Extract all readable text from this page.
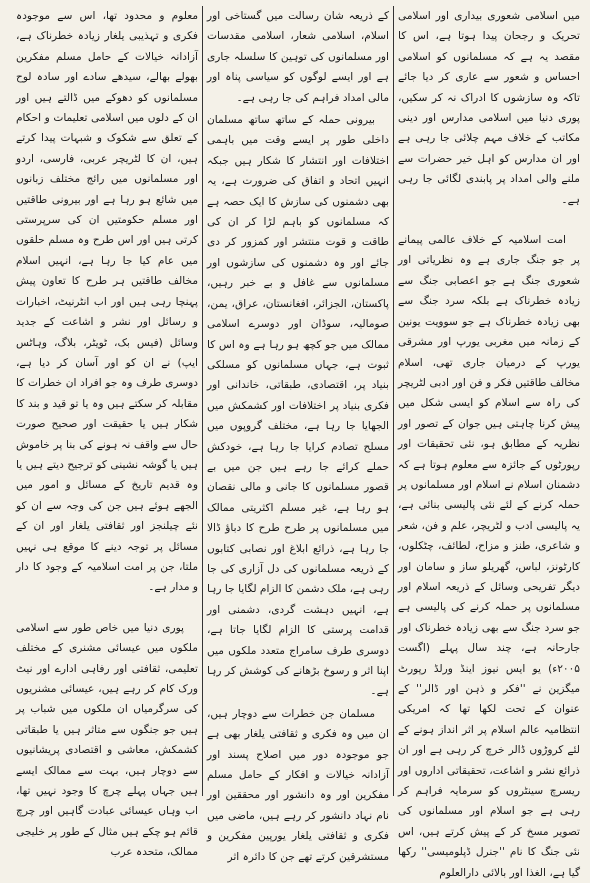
میں اسلامی شعوری بیداری اور اسلامی تحریک و رجحان پیدا ہوتا ہے، اس کا مقصد یہ ہے کہ مسلمانوں کو اسلامی احساس و شعور سے عاری کر دیا جائے تاکہ وہ سازشوں کا ادراک نہ کر سکیں، پوری دنیا میں اسلامی مدارس اور دینی مکاتب کے خلاف مہم چلائی جا رہی ہے اور ان مدارس کو اہل خیر حضرات سے ملنے والی امداد پر پابندی لگائی جا رہی ہے۔

امت اسلامیہ کے خلاف عالمی پیمانے پر جو جنگ جاری ہے وہ نظریاتی اور شعوری جنگ ہے جو اعصابی جنگ سے زیادہ خطرناک ہے بلکہ سرد جنگ سے بھی زیادہ خطرناک ہے جو سوویت یونین کے زمانہ میں مغربی یورپ اور مشرقی یورپ کے درمیان جاری تھی، اسلام مخالف طاقتیں فکر و فن اور ادبی لٹریچر کی راہ سے اسلام کو ایسی شکل میں پیش کرنا چاہتی ہیں جوان کے تصور اور نظریہ کے مطابق ہو، نئی تحقیقات اور رپورٹوں کے جائزہ سے معلوم ہوتا ہے کہ دشمنان اسلام نے اسلام اور مسلمانوں پر حملہ کرنے کے لئے نئی پالیسی بنائی ہے، یہ پالیسی ادب و لٹریچر، علم و فن، شعر و شاعری، طنز و مزاح، لطائف، چٹکلوں، کارٹونز، لباس، گھریلو ساز و سامان اور دیگر تفریحی وسائل کے ذریعہ اسلام اور مسلمانوں پر حملہ کرنے کی پالیسی ہے جو سرد جنگ سے بھی زیادہ خطرناک اور جارحانہ ہے، چند سال پہلے (اگست ۲۰۰۵ء) یو ایس نیوز اینڈ ورلڈ رپورٹ میگزین نے ''فکر و ذہن اور ڈالر'' کے عنوان کے تحت لکھا تھا کہ امریکی انتظامیہ عالم اسلام پر اثر انداز ہونے کے لئے کروڑوں ڈالر خرچ کر رہی ہے اور ان ذرائع نشر و اشاعت، تحقیقاتی اداروں اور ریسرچ سینٹروں کو سرمایہ فراہم کر رہی ہے جو اسلام اور مسلمانوں کی تصویر مسخ کر کے پیش کرتے ہیں، اس نئی جنگ کا نام ''جنرل ڈپلومیسی'' رکھا گیا ہے، الغذا اور بالائی دارالعلوم

کے ذریعہ شان رسالت میں گستاخی اور اسلام، اسلامی شعار، اسلامی مقدسات اور مسلمانوں کی توہین کا سلسلہ جاری ہے اور ایسے لوگوں کو سیاسی پناہ اور مالی امداد فراہم کی جا رہی ہے۔

بیرونی حملہ کے ساتھ ساتھ مسلمان داخلی طور پر ایسے وقت میں باہمی اختلافات اور انتشار کا شکار ہیں جبکہ انہیں اتحاد و اتفاق کی ضرورت ہے، یہ بھی دشمنوں کی سازش کا ایک حصہ ہے کہ مسلمانوں کو باہم لڑا کر ان کی طاقت و قوت منتشر اور کمزور کر دی جائے اور وہ دشمنوں کی سازشوں اور مسلمانوں سے غافل و بے خبر رہیں، پاکستان، الجزائر، افغانستان، عراق، یمن، صومالیہ، سوڈان اور دوسرے اسلامی ممالک میں جو کچھ ہو رہا ہے وہ اس کا ثبوت ہے، جہاں مسلمانوں کو مسلکی بنیاد پر، اقتصادی، طبقاتی، خاندانی اور فکری بنیاد پر اختلافات اور کشمکش میں الجھایا جا رہا ہے، مختلف گروپوں میں مسلح تصادم کرایا جا رہا ہے، خودکش حملے کرائے جا رہے ہیں جن میں بے قصور مسلمانوں کا جانی و مالی نقصان ہو رہا ہے، غیر مسلم اکثریتی ممالک میں مسلمانوں پر طرح طرح کا دباؤ ڈالا جا رہا ہے، ذرائع ابلاغ اور نصابی کتابوں کے ذریعہ مسلمانوں کی دل آزاری کی جا رہی ہے، ملک دشمن کا الزام لگایا جا رہا ہے، انہیں دہشت گردی، دشمنی اور قدامت پرستی کا الزام لگایا جاتا ہے، دوسری طرف سامراج متعدد ملکوں میں اپنا اثر و رسوخ بڑھانے کی کوشش کر رہا ہے۔

مسلمان جن خطرات سے دوچار ہیں، ان میں وہ فکری و ثقافتی یلغار بھی ہے جو موجودہ دور میں اصلاح پسند اور آزادانہ خیالات و افکار کے حامل مسلم مفکرین اور وہ دانشور اور محققین اور نام نہاد دانشور کر رہے ہیں، ماضی میں فکری و ثقافتی یلغار یورپین مفکرین و مستشرقین کرتے تھے جن کا دائرہ اثر

معلوم و محدود تھا، اس سے موجودہ فکری و تہذیبی یلغار زیادہ خطرناک ہے، آزادانہ خیالات کے حامل مسلم مفکرین بھولے بھالے، سیدھے سادے اور سادہ لوح مسلمانوں کو دھوکے میں ڈالتے ہیں اور ان کے دلوں میں اسلامی تعلیمات و احکام کے تعلق سے شکوک و شبہات پیدا کرتے ہیں، ان کا لٹریچر عربی، فارسی، اردو اور مسلمانوں میں رائج مختلف زبانوں میں شائع ہو رہا ہے اور بیرونی طاقتیں اور مسلم حکومتیں ان کی سرپرستی کرتی ہیں اور اس طرح وہ مسلم حلقوں میں عام کیا جا رہا ہے، انہیں اسلام مخالف طاقتیں ہر طرح کا تعاون پیش پہنچا رہی ہیں اور اب انٹرنیٹ، اخبارات و رسائل اور نشر و اشاعت کے جدید وسائل (فیس بک، ٹویٹر، بلاگ، وہاٹس ایپ) نے ان کو اور آسان کر دیا ہے، دوسری طرف وہ جو افراد ان خطرات کا مقابلہ کر سکتے ہیں وہ یا تو قید و بند کا شکار ہیں یا حقیقت اور صحیح صورت حال سے واقف نہ ہونے کی بنا پر خاموش ہیں یا گوشہ نشینی کو ترجیح دیتے ہیں یا وہ قدیم تاریخ کے مسائل و امور میں الجھے ہوئے ہیں جن کی وجہ سے ان کو نئے چیلنجز اور ثقافتی یلغار اور ان کے مسائل پر توجہ دینے کا موقع ہی نہیں ملتا، جن پر امت اسلامیہ کے وجود کا دار و مدار ہے۔

پوری دنیا میں خاص طور سے اسلامی ملکوں میں عیسائی مشنری کے مختلف تعلیمی، ثقافتی اور رفاہی ادارے اور نیٹ ورک کام کر رہے ہیں، عیسائی مشنریوں کی سرگرمیاں ان ملکوں میں شباب پر ہیں جو جنگوں سے متاثر ہیں یا طبقاتی کشمکش، معاشی و اقتصادی پریشانیوں سے دوچار ہیں، بہت سے ممالک ایسے ہیں جہاں پہلے چرچ کا وجود نہیں تھا، اب وہاں عیسائی عبادت گاہیں اور چرچ قائم ہو چکے ہیں مثال کے طور پر خلیجی ممالک، متحدہ عرب
